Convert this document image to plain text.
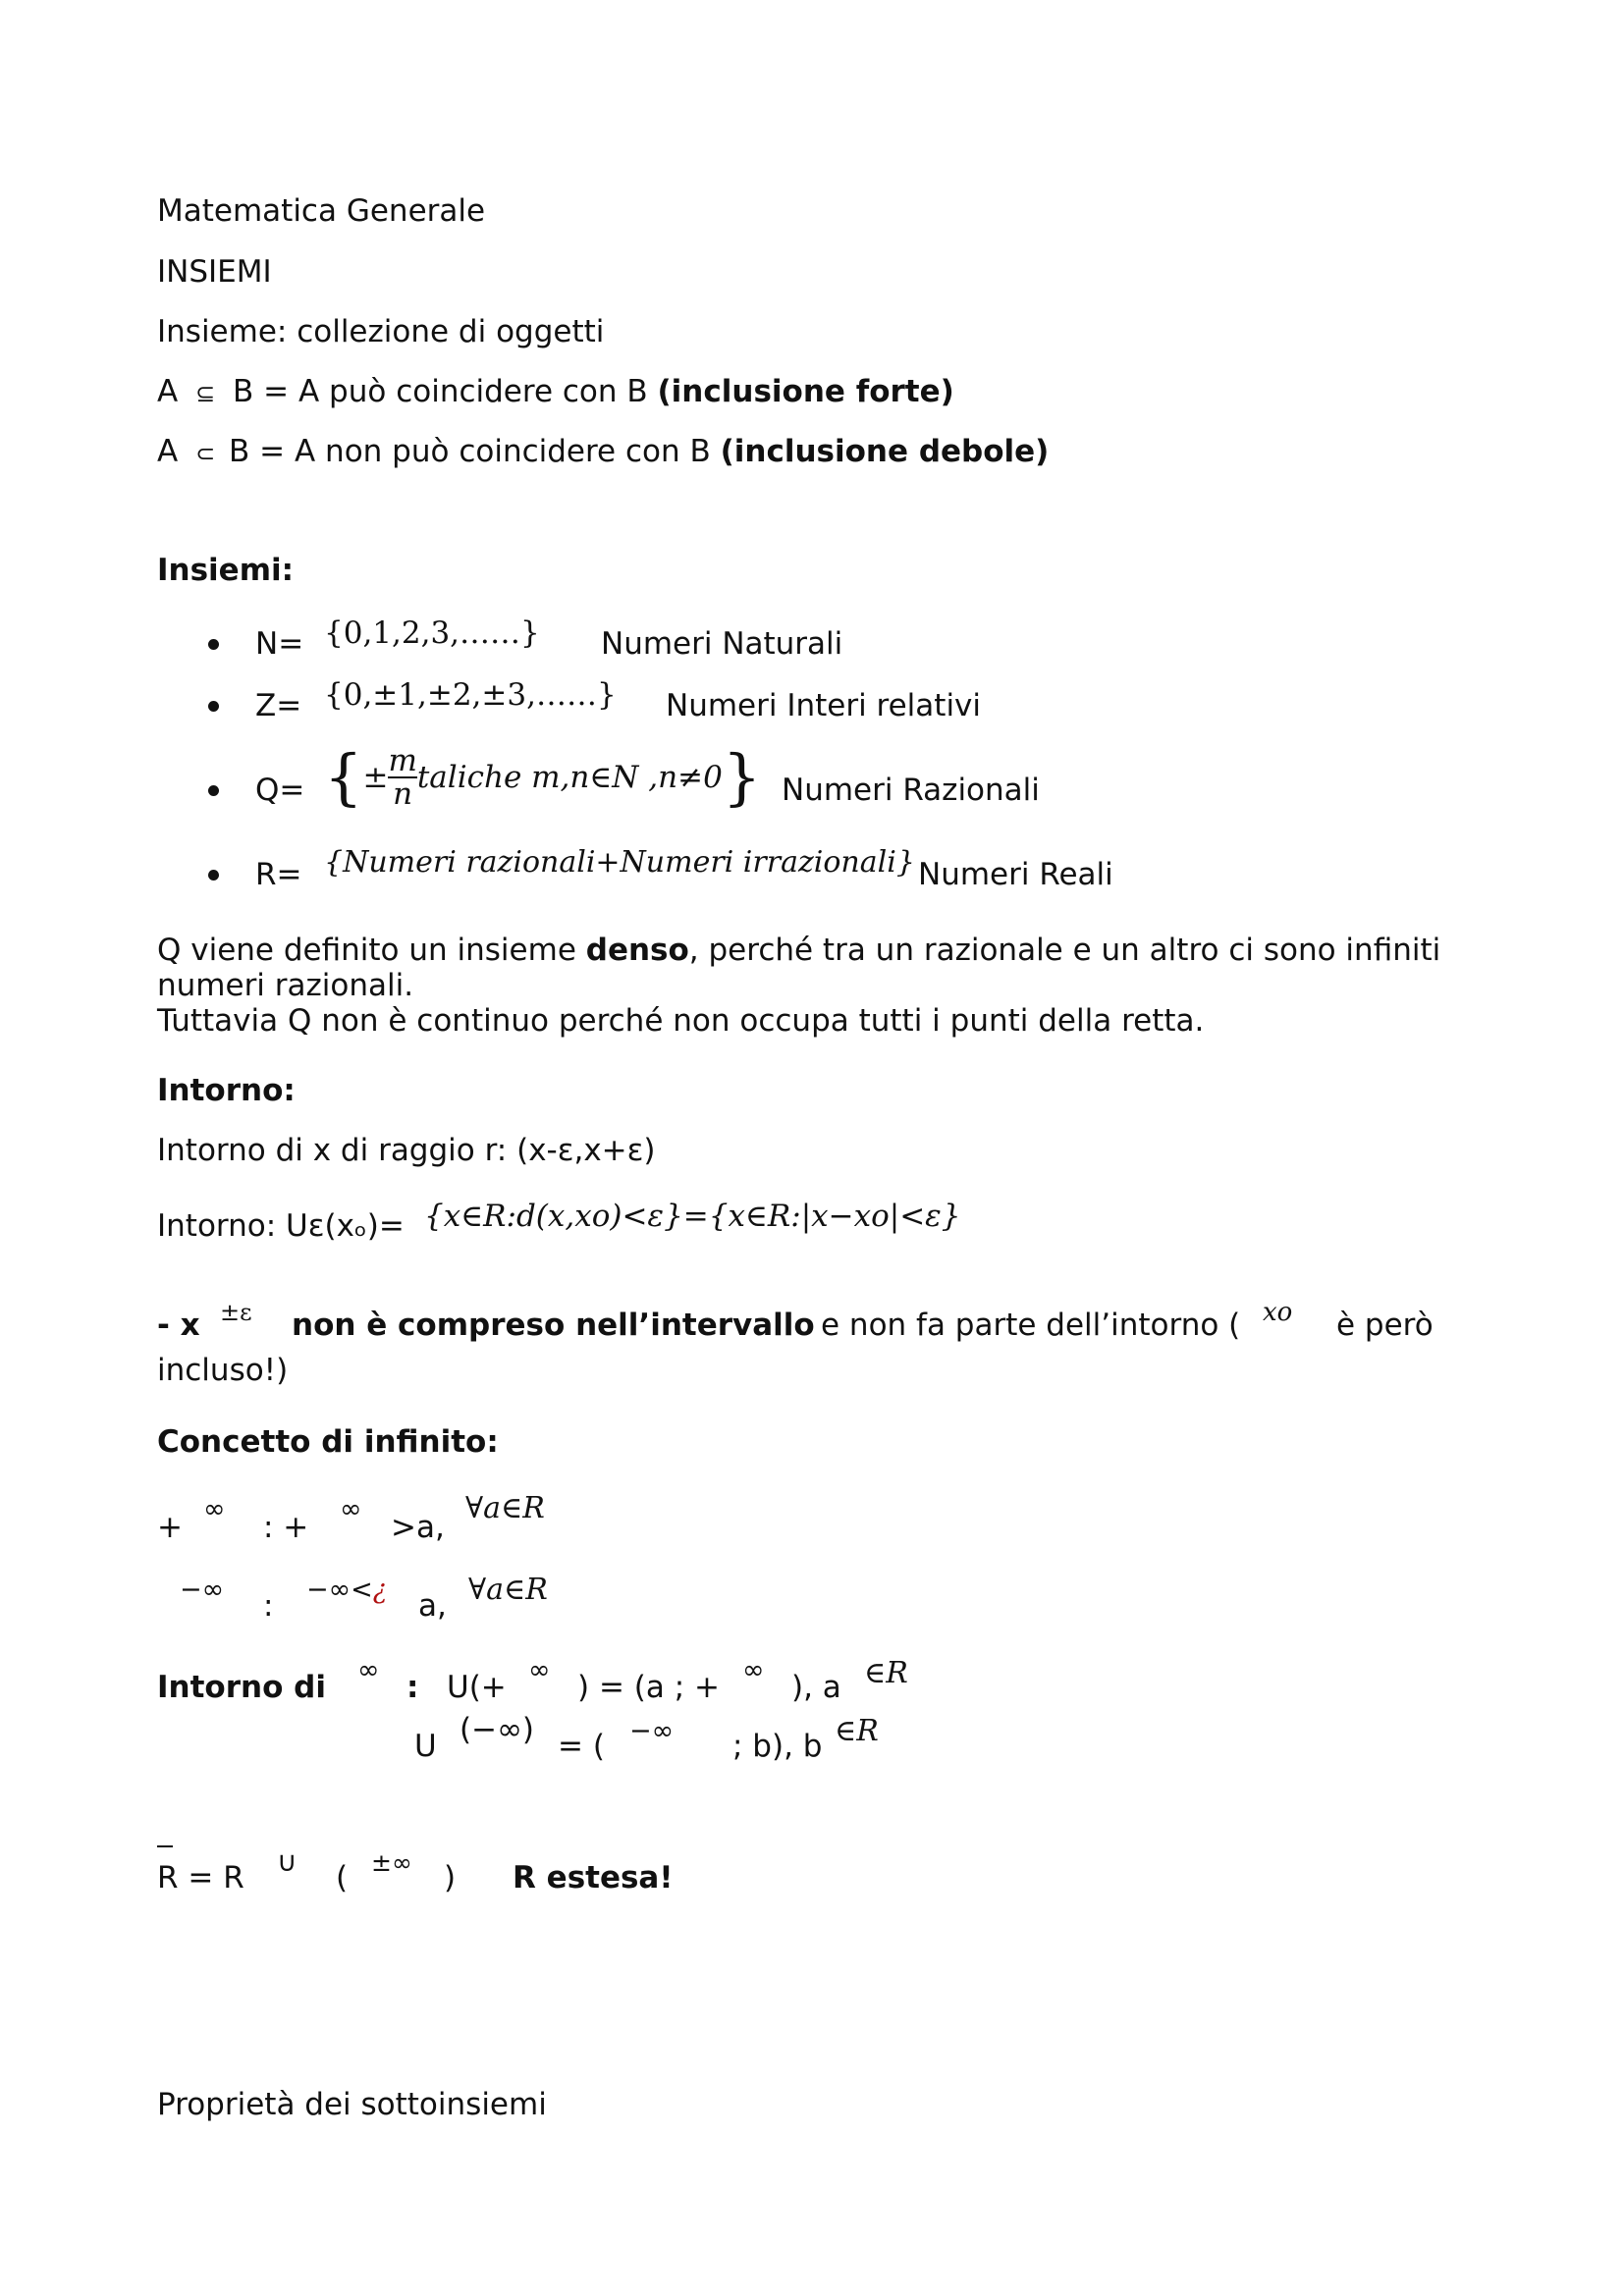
Matematica Generale
INSIEMI
Insieme: collezione di oggetti
A ⊆ B = A può coincidere con B (inclusione forte)
A ⊂ B = A non può coincidere con B (inclusione debole)
Insiemi:
N= {0,1,2,3,……} Numeri Naturali
Z= {0,±1,±2,±3,……} Numeri Interi relativi
Q= {± $\frac{m}{n}$ taliche m,n∈N ,n≠0} Numeri Razionali
R= {Numeri razionali+Numeri irrazionali} Numeri Reali
Q viene definito un insieme denso, perché tra un razionale e un altro ci sono infiniti
numeri razionali.
Tuttavia Q non è continuo perché non occupa tutti i punti della retta.
Intorno:
Intorno di x di raggio r: (x-ε,x+ε)
Intorno: Uε(xₒ)= {x∈R:d(x,xo)<ε}={x∈R:|x−xo|<ε}
- x ±ε non è compreso nell’intervallo e non fa parte dell’intorno ( xo è però
incluso!)
Concetto di infinito:
+
∞
: +
∞
>a,
∀a∈R
−∞ : −∞<¿ a, ∀a∈R
Intorno di ∞ : U(+ ∞ ) = (a ; + ∞ ), a ∈R
U (−∞) = ( −∞ ; b), b ∈R
R = R ∪ ( ±∞ ) R estesa!
Proprietà dei sottoinsiemi
